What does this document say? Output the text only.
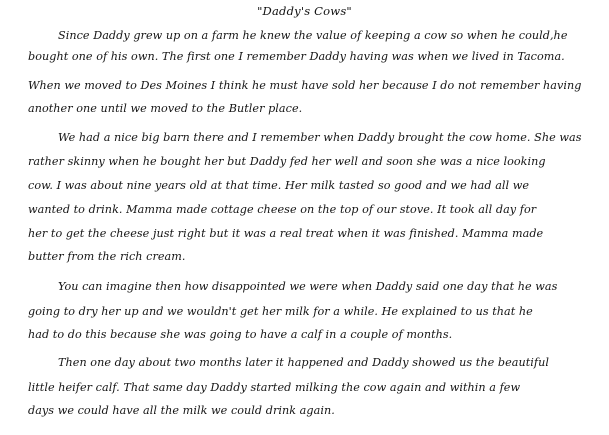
"Daddy's Cows"
Since Daddy grew up on a farm he knew the value of keeping a cow so when he could,he
bought one of his own. The first one I remember Daddy having was when we lived in Tacoma.
When we moved to Des Moines I think he must have sold her because I do not remember having
another one until we moved to the Butler place.
We had a nice big barn there and I remember when Daddy brought the cow home. She was
rather skinny when he bought her but Daddy fed her well and soon she was a nice looking
cow. I was about nine years old at that time. Her milk tasted so good and we had all we
wanted to drink. Mamma made cottage cheese on the top of our stove. It took all day for
her to get the cheese just right but it was a real treat when it was finished. Mamma made
butter from the rich cream.
You can imagine then how disappointed we were when Daddy said one day that he was
going to dry her up and we wouldn't get her milk for a while. He explained to us that he
had to do this because she was going to have a calf in a couple of months.
Then one day about two months later it happened and Daddy showed us the beautiful
little heifer calf. That same day Daddy started milking the cow again and within a few
days we could have all the milk we could drink again.
